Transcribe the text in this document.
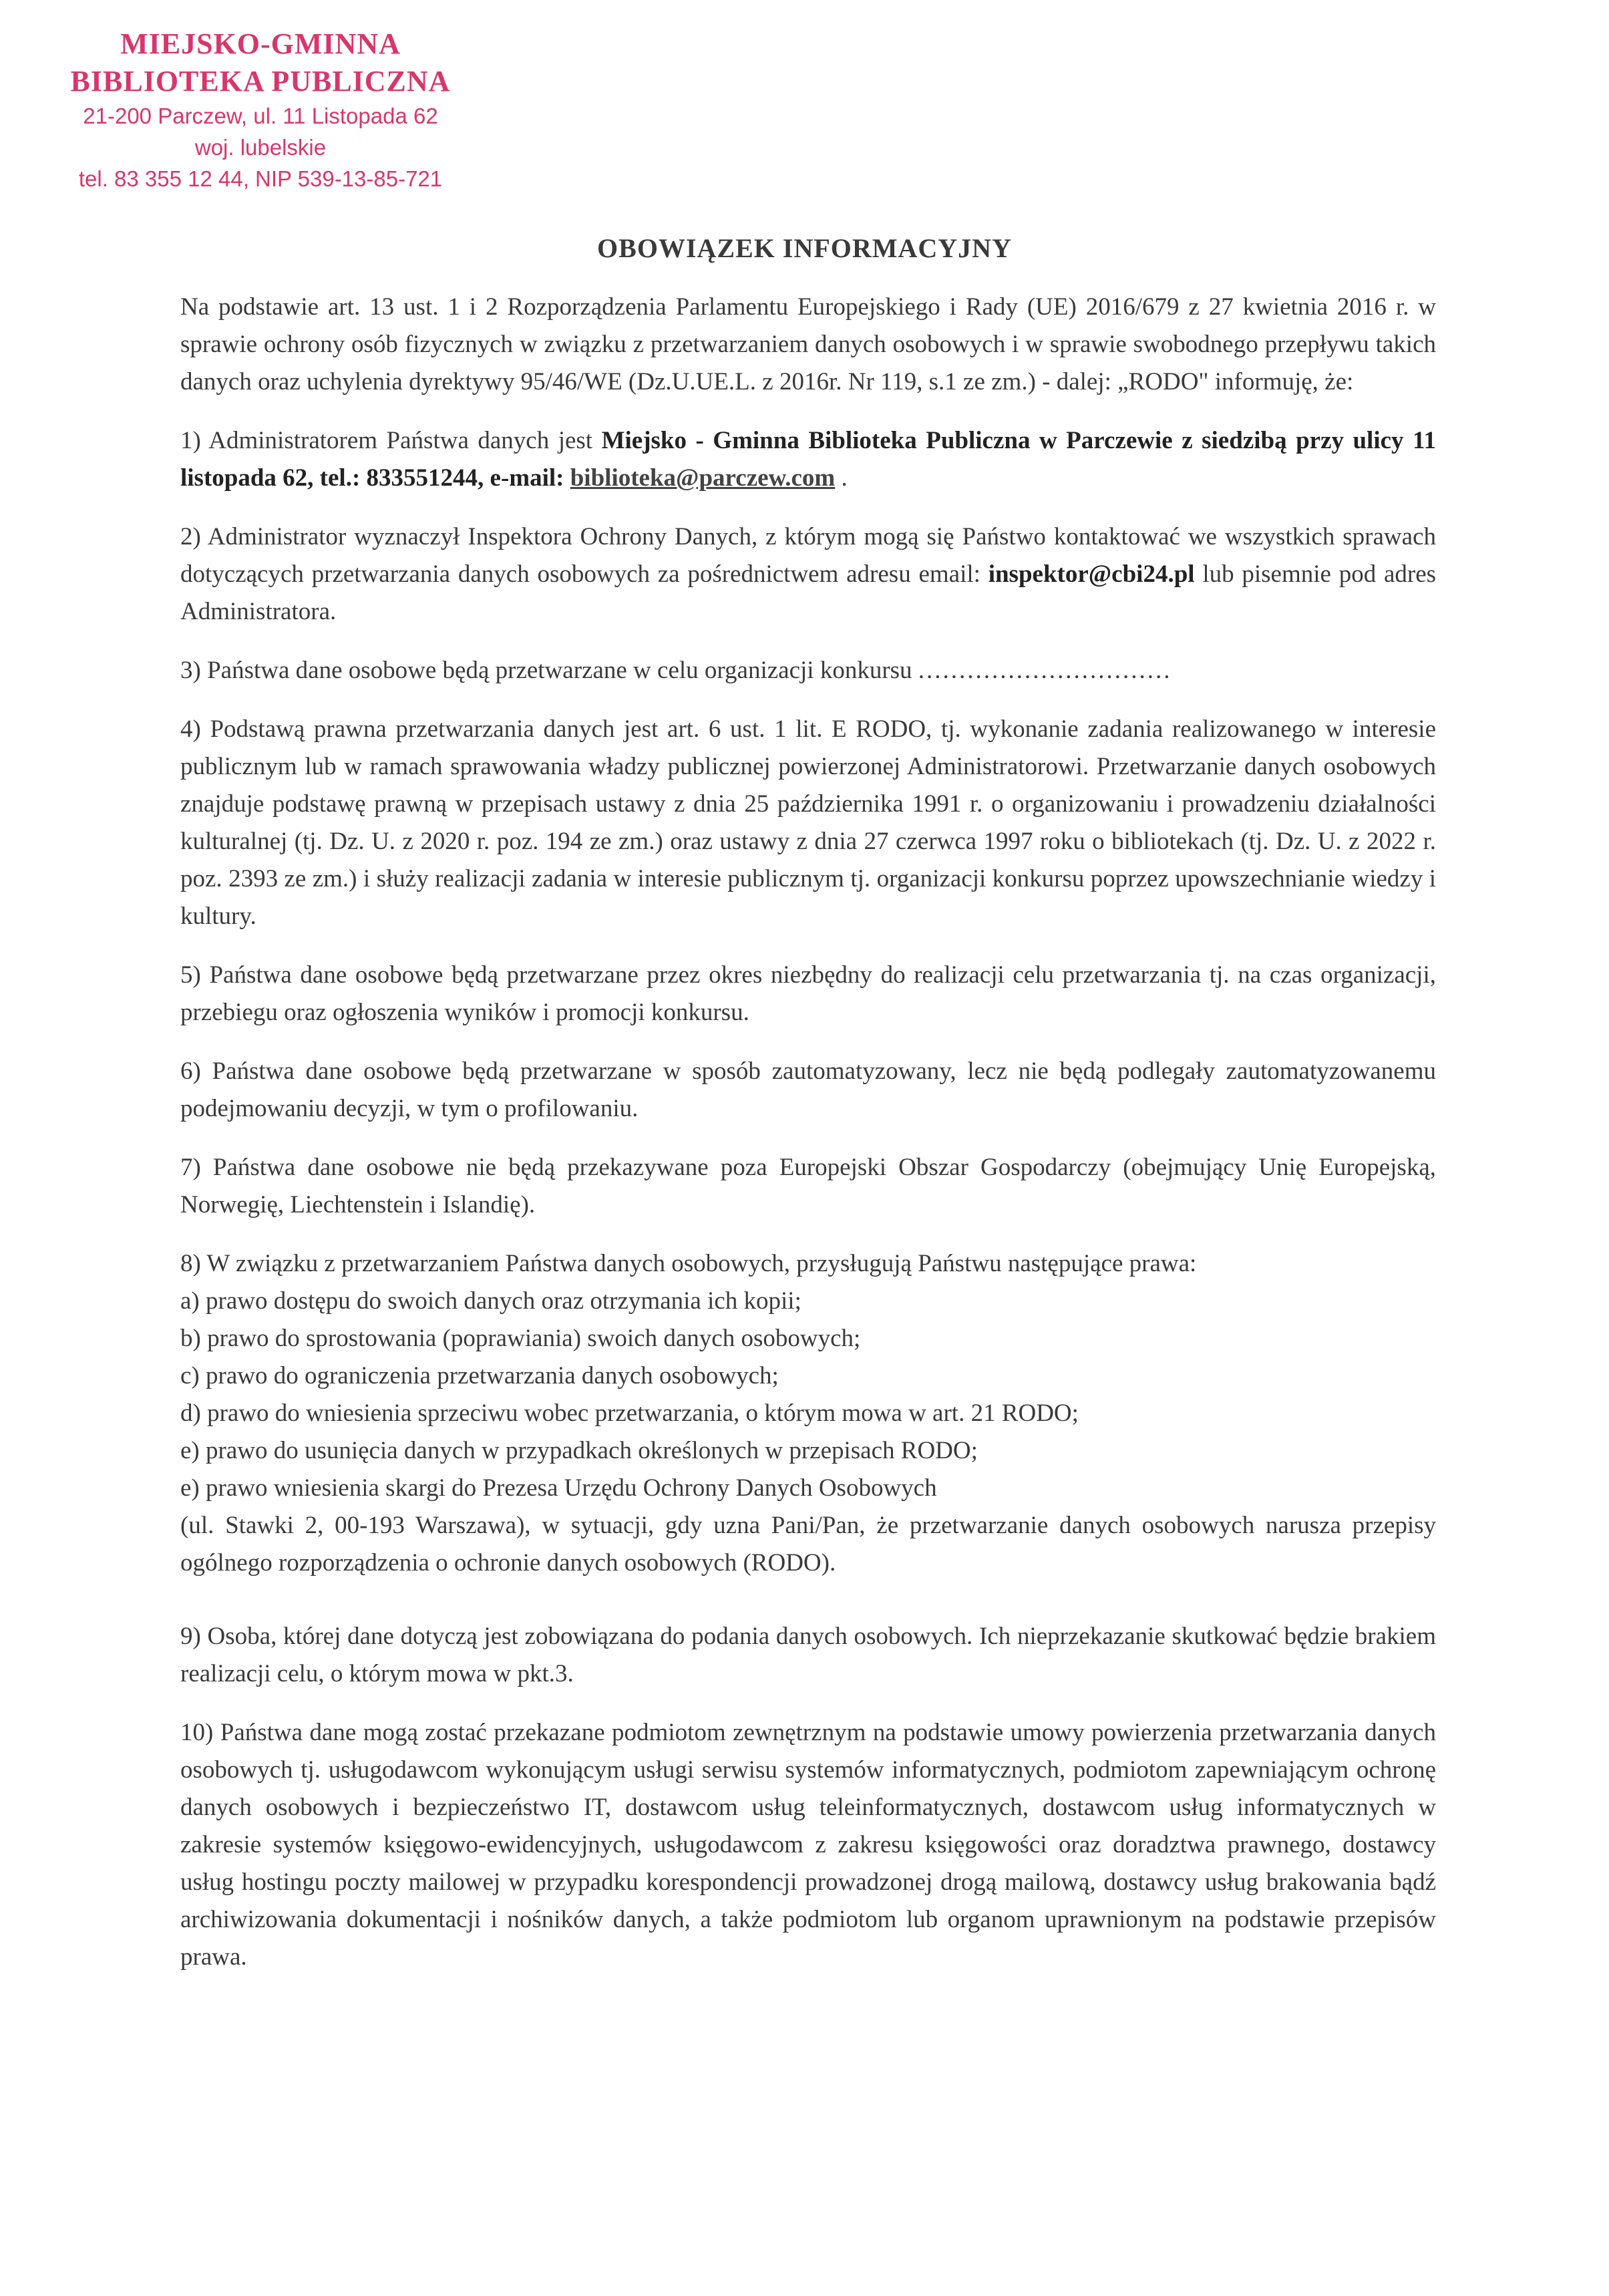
MIEJSKO-GMINNA
BIBLIOTEKA PUBLICZNA
21-200 Parczew, ul. 11 Listopada 62
woj. lubelskie
tel. 83 355 12 44, NIP 539-13-85-721
OBOWIĄZEK INFORMACYJNY

Na podstawie art. 13 ust. 1 i 2 Rozporządzenia Parlamentu Europejskiego i Rady (UE) 2016/679 z 27 kwietnia 2016 r. w sprawie ochrony osób fizycznych w związku z przetwarzaniem danych osobowych i w sprawie swobodnego przepływu takich danych oraz uchylenia dyrektywy 95/46/WE (Dz.U.UE.L. z 2016r. Nr 119, s.1 ze zm.) - dalej: „RODO" informuję, że:

1) Administratorem Państwa danych jest Miejsko - Gminna Biblioteka Publiczna w Parczewie z siedzibą przy ulicy 11 listopada 62, tel.: 833551244, e-mail: biblioteka@parczew.com .

2) Administrator wyznaczył Inspektora Ochrony Danych, z którym mogą się Państwo kontaktować we wszystkich sprawach dotyczących przetwarzania danych osobowych za pośrednictwem adresu email: inspektor@cbi24.pl lub pisemnie pod adres Administratora.

3) Państwa dane osobowe będą przetwarzane w celu organizacji konkursu ...............................

4) Podstawą prawna przetwarzania danych jest art. 6 ust. 1 lit. E RODO, tj. wykonanie zadania realizowanego w interesie publicznym lub w ramach sprawowania władzy publicznej powierzonej Administratorowi. Przetwarzanie danych osobowych znajduje podstawę prawną w przepisach ustawy z dnia 25 października 1991 r. o organizowaniu i prowadzeniu działalności kulturalnej (tj. Dz. U. z 2020 r. poz. 194 ze zm.) oraz ustawy z dnia 27 czerwca 1997 roku o bibliotekach (tj. Dz. U. z 2022 r. poz. 2393 ze zm.) i służy realizacji zadania w interesie publicznym tj. organizacji konkursu poprzez upowszechnianie wiedzy i kultury.

5) Państwa dane osobowe będą przetwarzane przez okres niezbędny do realizacji celu przetwarzania tj. na czas organizacji, przebiegu oraz ogłoszenia wyników i promocji konkursu.

6) Państwa dane osobowe będą przetwarzane w sposób zautomatyzowany, lecz nie będą podlegały zautomatyzowanemu podejmowaniu decyzji, w tym o profilowaniu.

7) Państwa dane osobowe nie będą przekazywane poza Europejski Obszar Gospodarczy (obejmujący Unię Europejską, Norwegię, Liechtenstein i Islandię).

8) W związku z przetwarzaniem Państwa danych osobowych, przysługują Państwu następujące prawa:
a) prawo dostępu do swoich danych oraz otrzymania ich kopii;
b) prawo do sprostowania (poprawiania) swoich danych osobowych;
c) prawo do ograniczenia przetwarzania danych osobowych;
d) prawo do wniesienia sprzeciwu wobec przetwarzania, o którym mowa w art. 21 RODO;
e) prawo do usunięcia danych w przypadkach określonych w przepisach RODO;
e) prawo wniesienia skargi do Prezesa Urzędu Ochrony Danych Osobowych
(ul. Stawki 2, 00-193 Warszawa), w sytuacji, gdy uzna Pani/Pan, że przetwarzanie danych osobowych narusza przepisy ogólnego rozporządzenia o ochronie danych osobowych (RODO).

9) Osoba, której dane dotyczą jest zobowiązana do podania danych osobowych. Ich nieprzekazanie skutkować będzie brakiem realizacji celu, o którym mowa w pkt.3.

10) Państwa dane mogą zostać przekazane podmiotom zewnętrznym na podstawie umowy powierzenia przetwarzania danych osobowych tj. usługodawcom wykonującym usługi serwisu systemów informatycznych, podmiotom zapewniającym ochronę danych osobowych i bezpieczeństwo IT, dostawcom usług teleinformatycznych, dostawcom usług informatycznych w zakresie systemów księgowo-ewidencyjnych, usługodawcom z zakresu księgowości oraz doradztwa prawnego, dostawcy usług hostingu poczty mailowej w przypadku korespondencji prowadzonej drogą mailową, dostawcy usług brakowania bądź archiwizowania dokumentacji i nośników danych, a także podmiotom lub organom uprawnionym na podstawie przepisów prawa.
